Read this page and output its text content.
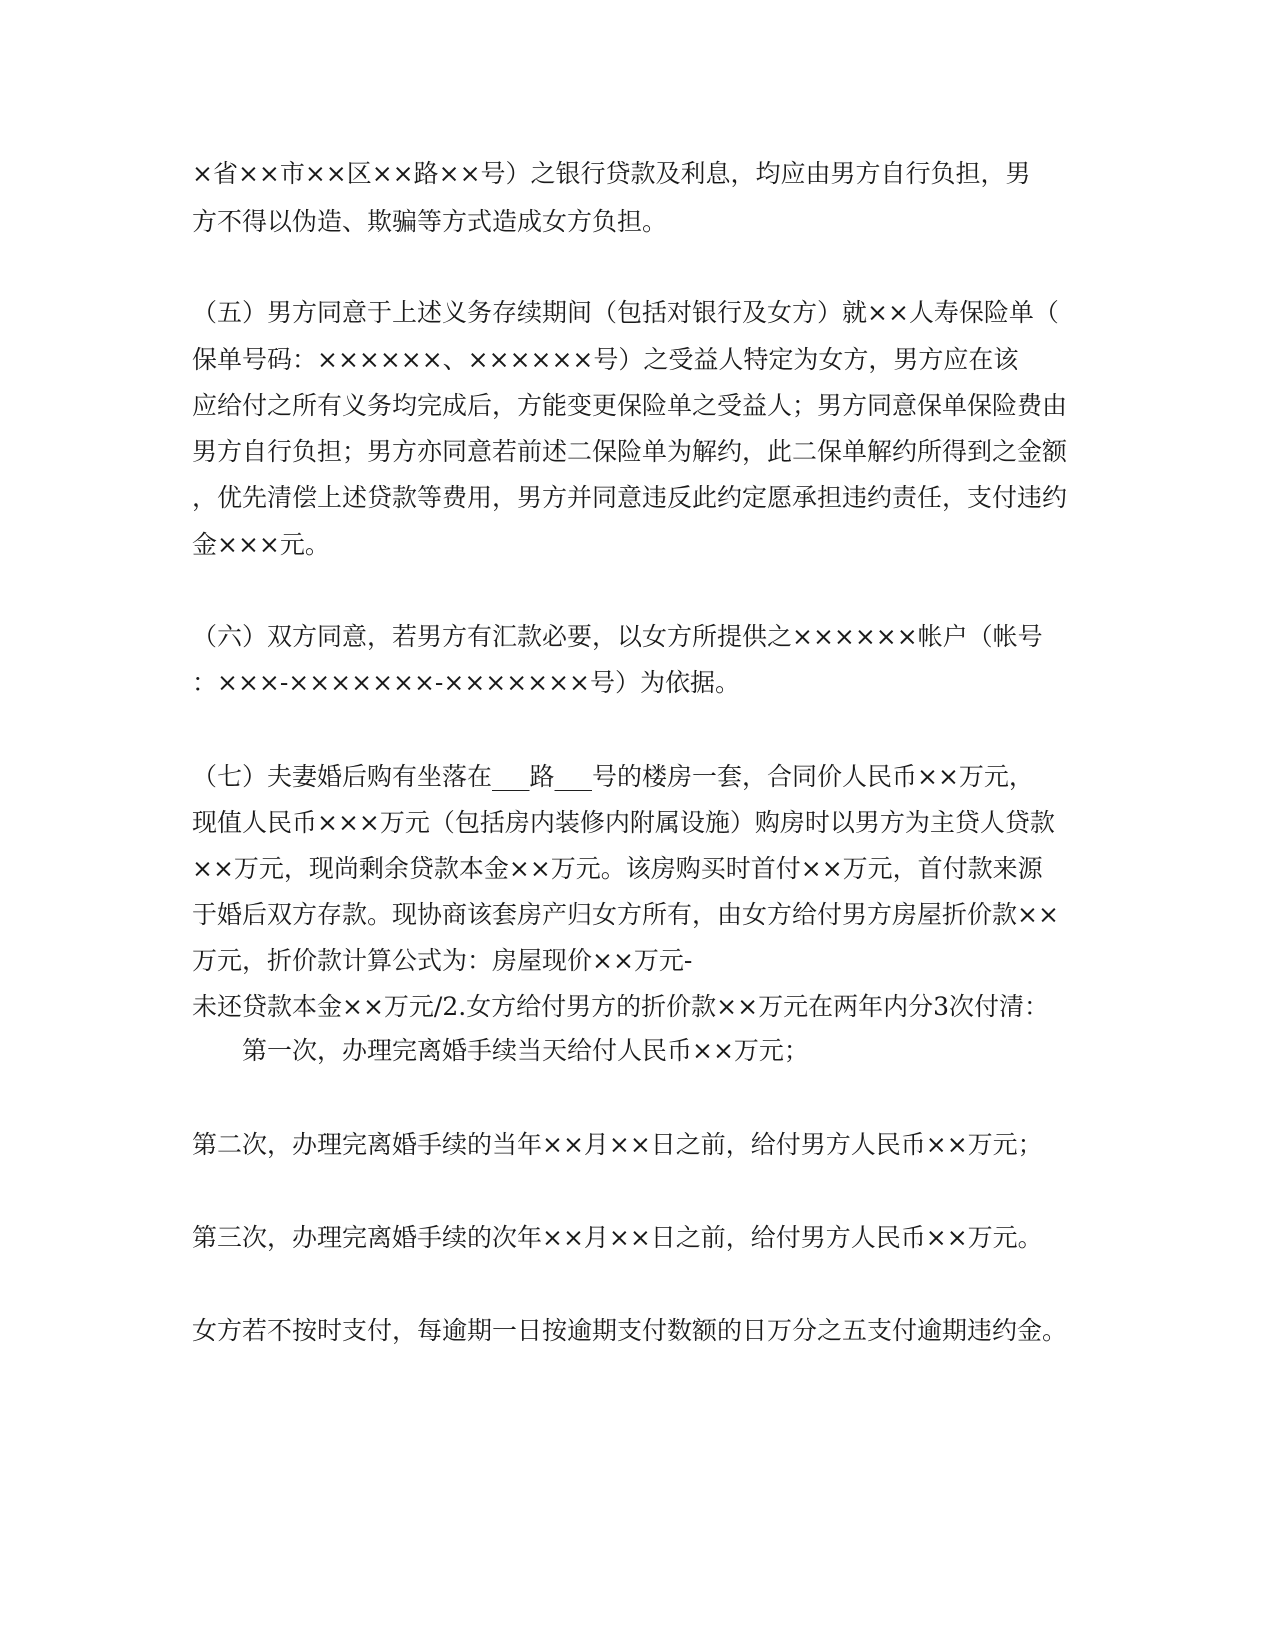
×省××市××区××路××号）之银行贷款及利息，均应由男方自行负担，男
方不得以伪造、欺骗等方式造成女方负担。
（五）男方同意于上述义务存续期间（包括对银行及女方）就××人寿保险单（
保单号码：××××××、××××××号）之受益人特定为女方，男方应在该
应给付之所有义务均完成后，方能变更保险单之受益人；男方同意保单保险费由
男方自行负担；男方亦同意若前述二保险单为解约，此二保单解约所得到之金额
，优先清偿上述贷款等费用，男方并同意违反此约定愿承担违约责任，支付违约
金×××元。
（六）双方同意，若男方有汇款必要，以女方所提供之××××××帐户（帐号
：×××-×××××××-×××××××号）为依据。
（七）夫妻婚后购有坐落在___路___号的楼房一套，合同价人民币××万元，
现值人民币×××万元（包括房内装修内附属设施）购房时以男方为主贷人贷款
××万元，现尚剩余贷款本金××万元。该房购买时首付××万元，首付款来源
于婚后双方存款。现协商该套房产归女方所有，由女方给付男方房屋折价款××
万元，折价款计算公式为：房屋现价××万元-
未还贷款本金××万元/2.女方给付男方的折价款××万元在两年内分3次付清：
第一次，办理完离婚手续当天给付人民币××万元；
第二次，办理完离婚手续的当年××月××日之前，给付男方人民币××万元；
第三次，办理完离婚手续的次年××月××日之前，给付男方人民币××万元。
女方若不按时支付，每逾期一日按逾期支付数额的日万分之五支付逾期违约金。
